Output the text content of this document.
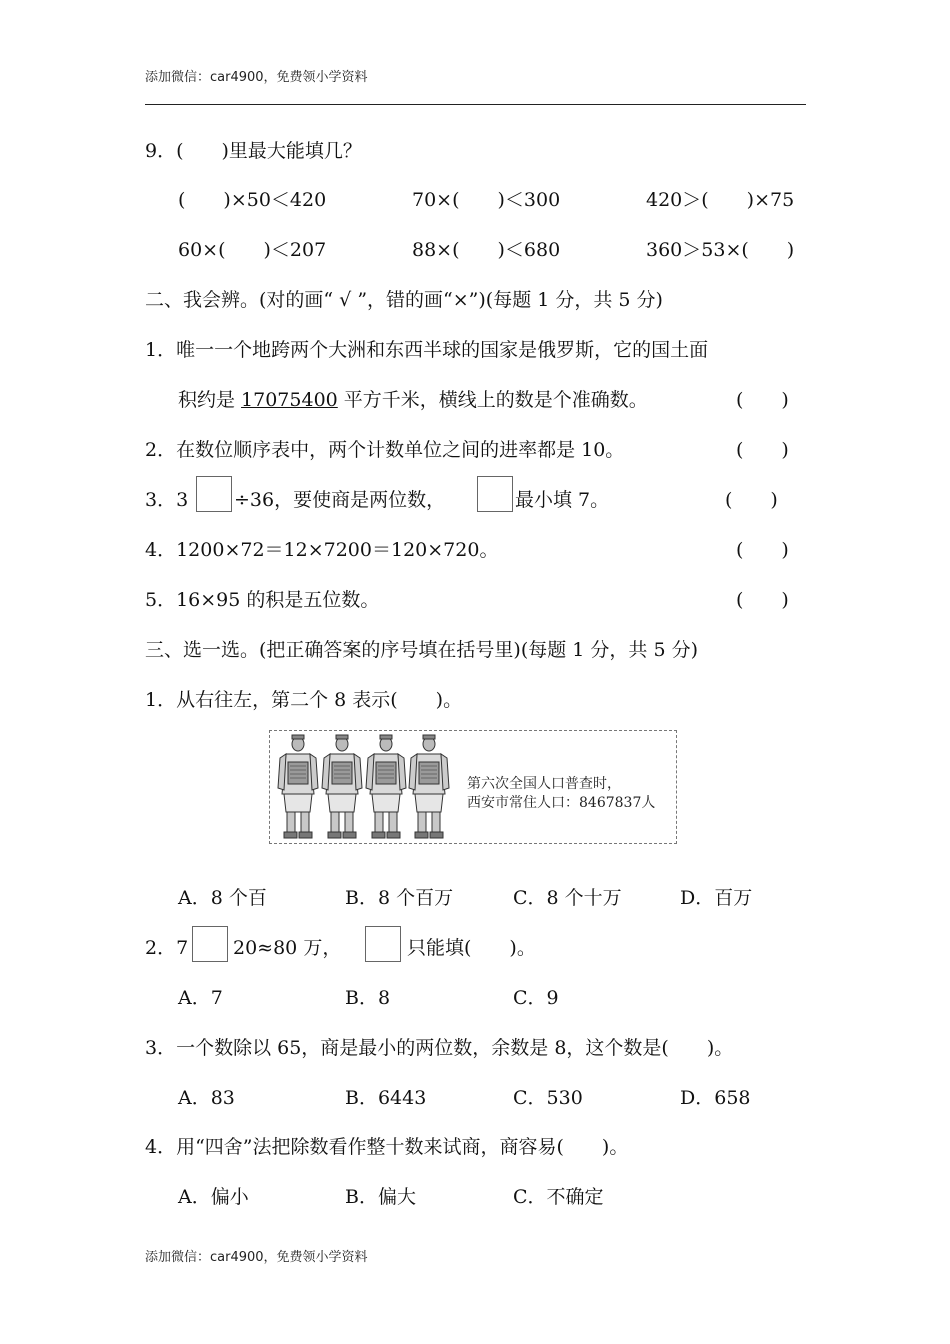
添加微信：car4900，免费领小学资料
9．(　　)里最大能填几？
(　　)×50＜420	70×(　　)＜300	420＞(　　)×75
60×(　　)＜207	88×(　　)＜680	360＞53×(　　)
二、我会辨。(对的画“ √ ”，错的画“×”)(每题 1 分，共 5 分)
1．唯一一个地跨两个大洲和东西半球的国家是俄罗斯，它的国土面
积约是 17075400 平方千米，横线上的数是个准确数。	(　　)
2．在数位顺序表中，两个计数单位之间的进率都是 10。	(　　)
3．3 ÷36，要使商是两位数，	最小填 7。	(　　)
4．1200×72＝12×7200＝120×720。	(　　)
5．16×95 的积是五位数。	(　　)
三、选一选。(把正确答案的序号填在括号里)(每题 1 分，共 5 分)
1．从右往左，第二个 8 表示(　　)。
第六次全国人口普查时，
西安市常住人口：8467837人
A．8 个百	B．8 个百万	C．8 个十万	D．百万
2．7 20≈80 万，	只能填(　　)。
A．7	B．8	C．9
3．一个数除以 65，商是最小的两位数，余数是 8，这个数是(　　)。
A．83	B．6443	C．530	D．658
4．用“四舍”法把除数看作整十数来试商，商容易(　　)。
A．偏小	B．偏大	C．不确定
添加微信：car4900，免费领小学资料
